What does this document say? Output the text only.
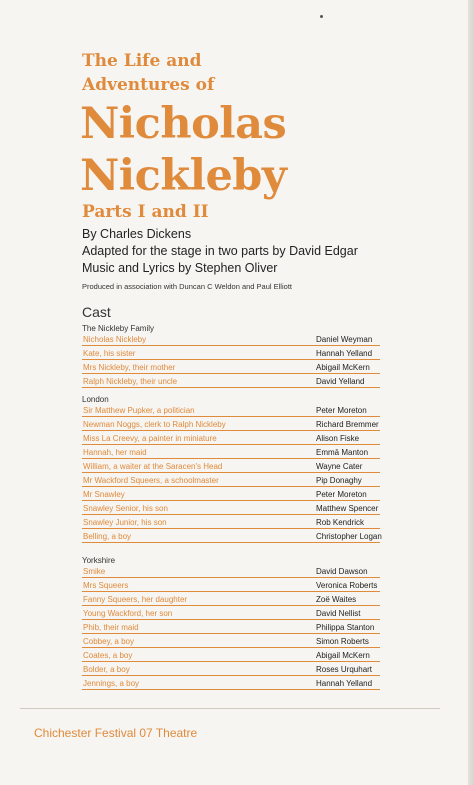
The Life and
Adventures of
Nicholas
Nickleby
Parts I and II
By Charles Dickens
Adapted for the stage in two parts by David Edgar
Music and Lyrics by Stephen Oliver
Produced in association with Duncan C Weldon and Paul Elliott
Cast
The Nickleby Family
Nicholas Nickleby	Daniel Weyman
Kate, his sister	Hannah Yelland
Mrs Nickleby, their mother	Abigail McKern
Ralph Nickleby, their uncle	David Yelland
London
Sir Matthew Pupker, a politician	Peter Moreton
Newman Noggs, clerk to Ralph Nickleby	Richard Bremmer
Miss La Creevy, a painter in miniature	Alison Fiske
Hannah, her maid	Emmā Manton
William, a waiter at the Saracen's Head	Wayne Cater
Mr Wackford Squeers, a schoolmaster	Pip Donaghy
Mr Snawley	Peter Moreton
Snawley Senior, his son	Matthew Spencer
Snawley Junior, his son	Rob Kendrick
Belling, a boy	Christopher Logan
Yorkshire
Smike	David Dawson
Mrs Squeers	Veronica Roberts
Fanny Squeers, her daughter	Zoë Waites
Young Wackford, her son	David Nellist
Phib, their maid	Philippa Stanton
Cobbey, a boy	Simon Roberts
Coates, a boy	Abigail McKern
Bolder, a boy	Roses Urquhart
Jennings, a boy	Hannah Yelland
Chichester Festival 07 Theatre
